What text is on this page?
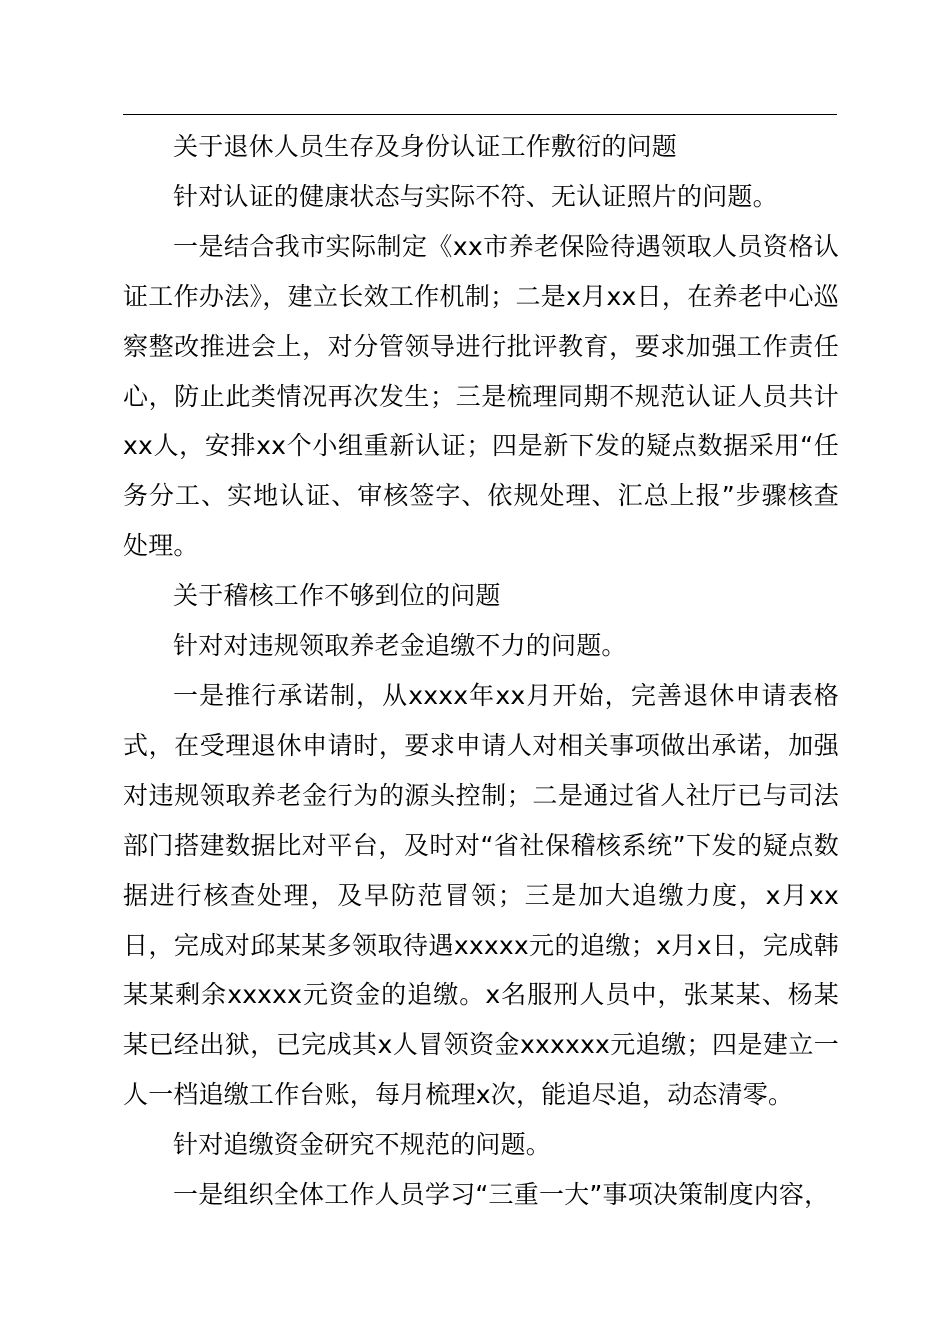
关于退休人员生存及身份认证工作敷衍的问题

针对认证的健康状态与实际不符、无认证照片的问题。

一是结合我市实际制定《xx市养老保险待遇领取人员资格认证工作办法》，建立长效工作机制；二是x月xx日，在养老中心巡察整改推进会上，对分管领导进行批评教育，要求加强工作责任心，防止此类情况再次发生；三是梳理同期不规范认证人员共计xx人，安排xx个小组重新认证；四是新下发的疑点数据采用“任务分工、实地认证、审核签字、依规处理、汇总上报”步骤核查处理。

关于稽核工作不够到位的问题

针对对违规领取养老金追缴不力的问题。

一是推行承诺制，从xxxx年xx月开始，完善退休申请表格式，在受理退休申请时，要求申请人对相关事项做出承诺，加强对违规领取养老金行为的源头控制；二是通过省人社厅已与司法部门搭建数据比对平台，及时对“省社保稽核系统”下发的疑点数据进行核查处理，及早防范冒领；三是加大追缴力度，x月xx日，完成对邱某某多领取待遇xxxxx元的追缴；x月x日，完成韩某某剩余xxxxx元资金的追缴。x名服刑人员中，张某某、杨某某已经出狱，已完成其x人冒领资金xxxxxx元追缴；四是建立一人一档追缴工作台账，每月梳理x次，能追尽追，动态清零。

针对追缴资金研究不规范的问题。

一是组织全体工作人员学习“三重一大”事项决策制度内容，
